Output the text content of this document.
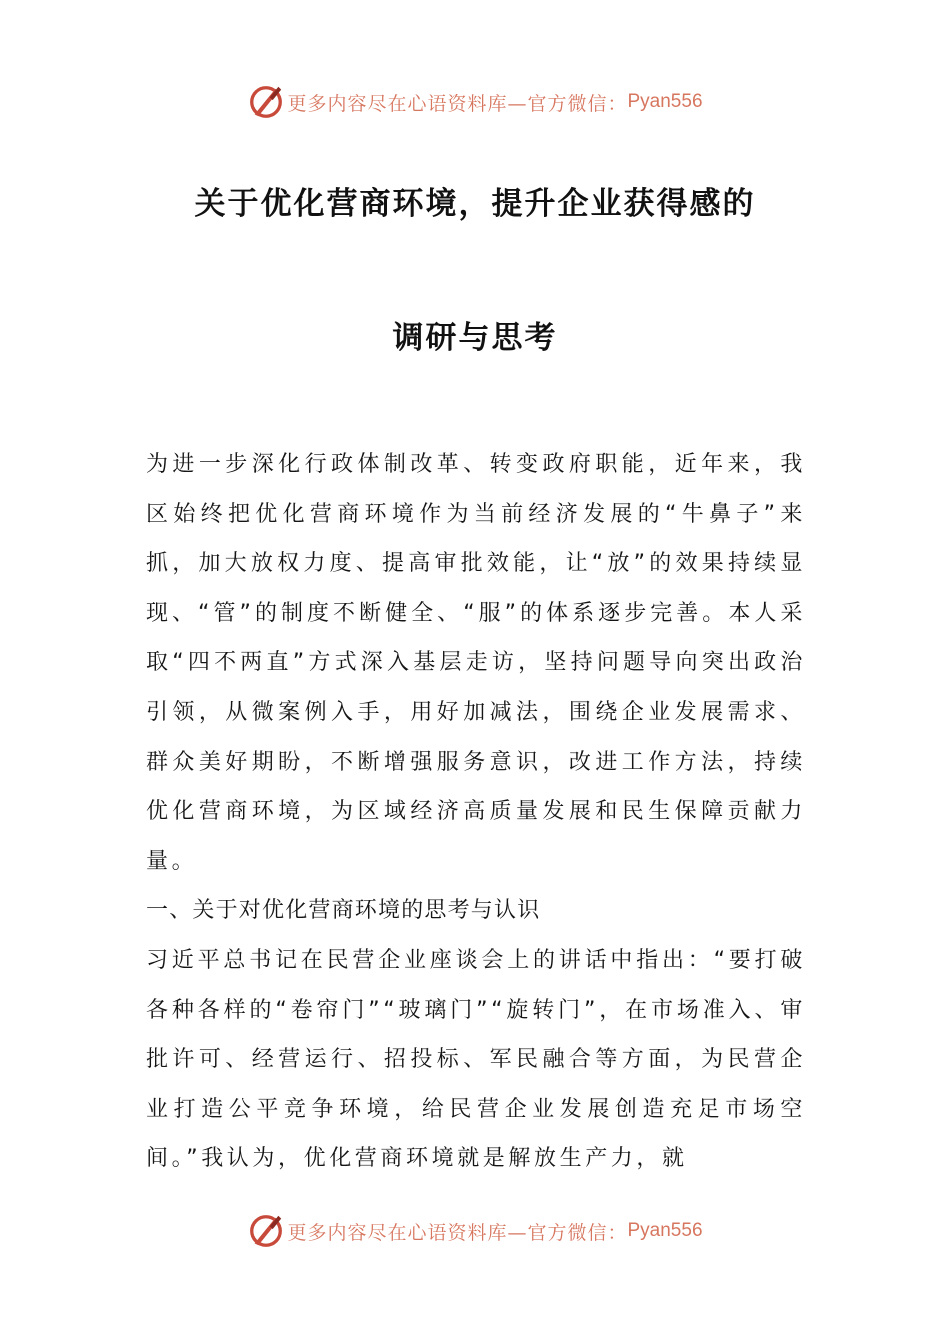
更多内容尽在心语资料库—官方微信： Pyan556
关于优化营商环境，提升企业获得感的
调研与思考

为进一步深化行政体制改革、转变政府职能，近年来，我区始终把优化营商环境作为当前经济发展的“牛鼻子”来抓，加大放权力度、提高审批效能，让“放”的效果持续显现、“管”的制度不断健全、“服”的体系逐步完善。本人采取“四不两直”方式深入基层走访，坚持问题导向突出政治引领，从微案例入手，用好加减法，围绕企业发展需求、群众美好期盼，不断增强服务意识，改进工作方法，持续优化营商环境，为区域经济高质量发展和民生保障贡献力量。

一、关于对优化营商环境的思考与认识

习近平总书记在民营企业座谈会上的讲话中指出：“要打破各种各样的“卷帘门”“玻璃门”“旋转门”，在市场准入、审批许可、经营运行、招投标、军民融合等方面，为民营企业打造公平竞争环境，给民营企业发展创造充足市场空间。”我认为，优化营商环境就是解放生产力，就

更多内容尽在心语资料库—官方微信： Pyan556
